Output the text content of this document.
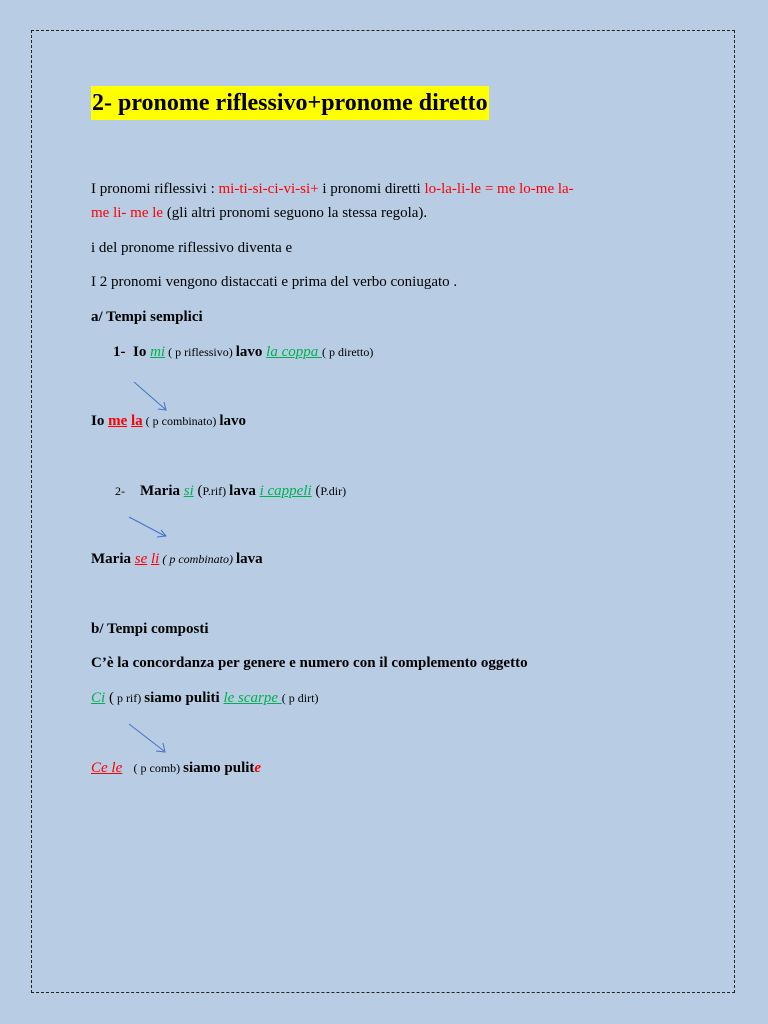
2- pronome riflessivo+pronome diretto
I pronomi riflessivi : mi-ti-si-ci-vi-si+ i pronomi diretti lo-la-li-le = me lo-me la-
me li- me le (gli altri pronomi seguono la stessa regola).
i del pronome riflessivo diventa e
I 2 pronomi vengono distaccati e prima del verbo coniugato .
a/ Tempi semplici
1- Io mi ( p riflessivo) lavo la coppa ( p diretto)
Io me la ( p combinato) lavo
2- Maria si (P.rif) lava i cappeli (P.dir)
Maria se li ( p combinato) lava
b/ Tempi composti
C’è la concordanza per genere e numero con il complemento oggetto
Ci ( p rif) siamo puliti le scarpe ( p dirt)
Ce le ( p comb) siamo pulite
